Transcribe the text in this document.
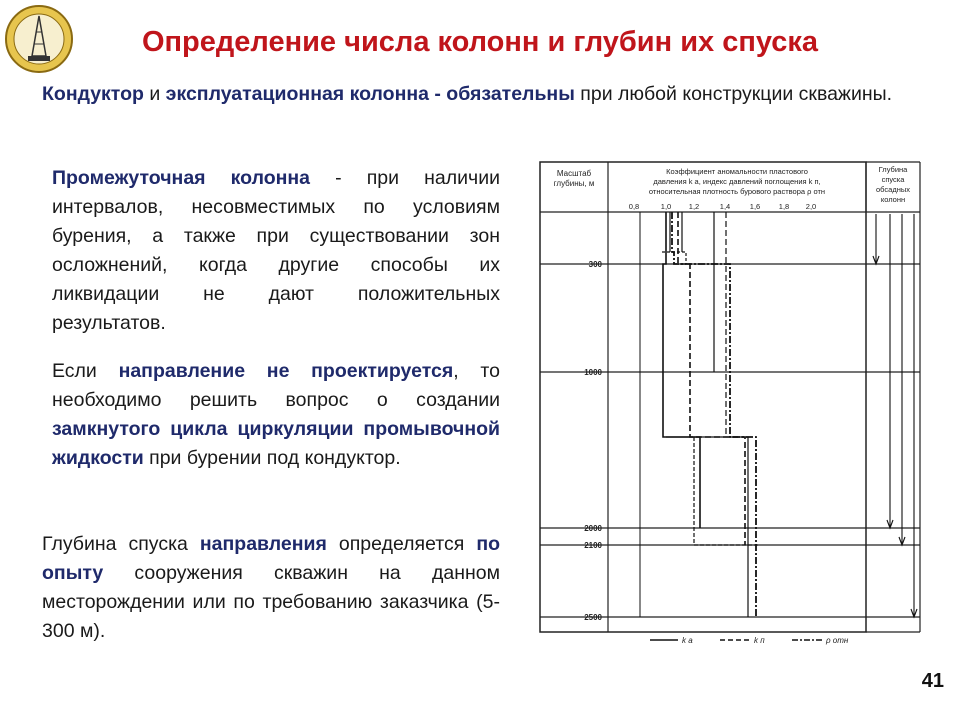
Определение числа колонн и глубин их спуска

Кондуктор и эксплуатационная колонна - обязательны при любой конструкции скважины.

Промежуточная колонна - при наличии интервалов, несовместимых по условиям бурения, а также при существовании зон осложнений, когда другие способы их ликвидации не дают положительных результатов.

Если направление не проектируется, то необходимо решить вопрос о создании замкнутого цикла циркуляции промывочной жидкости при бурении под кондуктор.

Глубина спуска направления определяется по опыту сооружения скважин на данном месторождении или по требованию заказчика (5-300 м).

Масштаб
глубины, м
Коэффициент аномальности пластового
давления k а, индекс давлений поглощения k п,
относительная плотность бурового раствора ρ отн
Глубина
спуска
обсадных
колонн
0,8	1,0 1,2	1,4	1,6 1,8 2,0
300
1000
2000
2100
2500
k а	k п	ρ отн
41
